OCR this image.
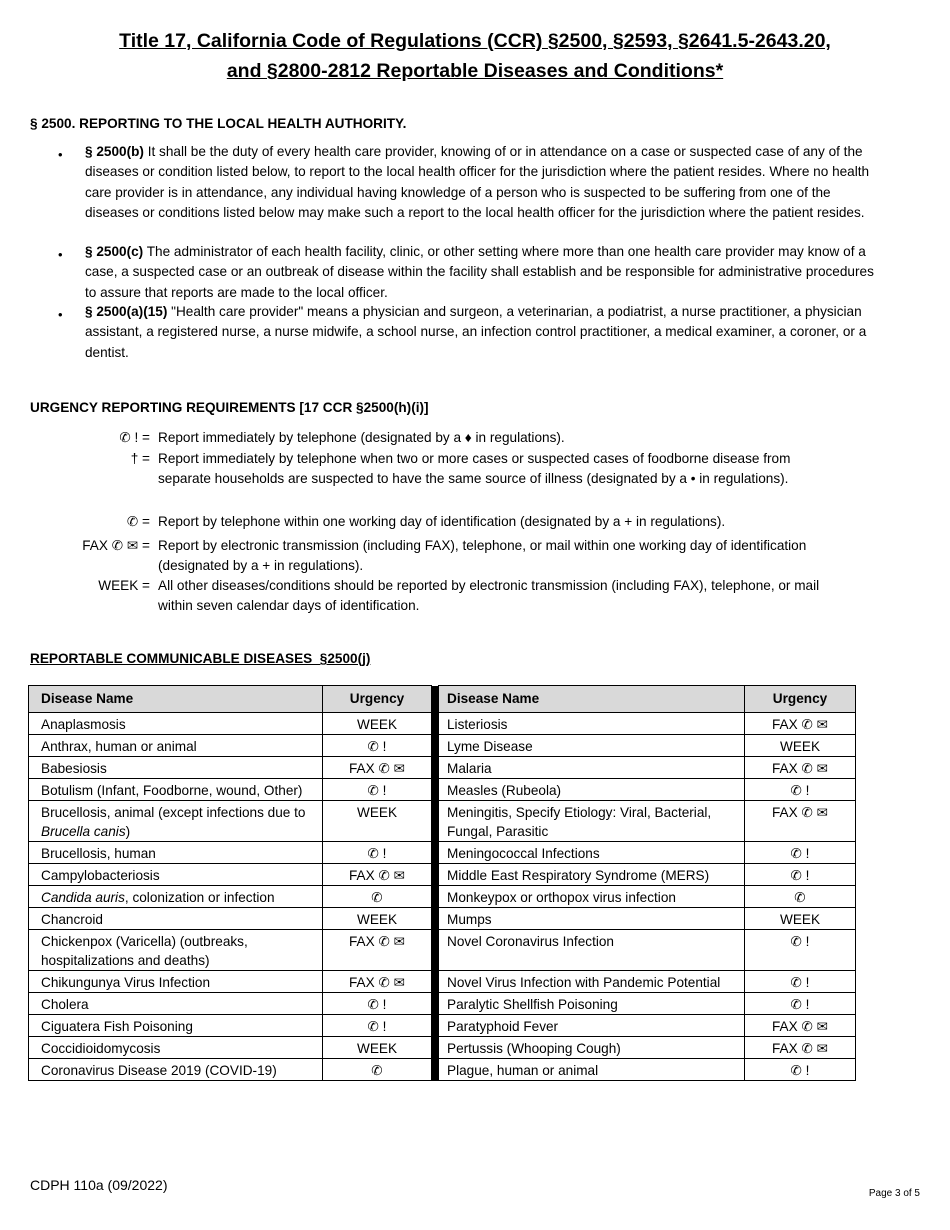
Title 17, California Code of Regulations (CCR) §2500, §2593, §2641.5-2643.20,
and §2800-2812 Reportable Diseases and Conditions*
§ 2500. REPORTING TO THE LOCAL HEALTH AUTHORITY.
• § 2500(b) It shall be the duty of every health care provider, knowing of or in attendance on a case or suspected case of any of the diseases or condition listed below, to report to the local health officer for the jurisdiction where the patient resides. Where no health care provider is in attendance, any individual having knowledge of a person who is suspected to be suffering from one of the diseases or conditions listed below may make such a report to the local health officer for the jurisdiction where the patient resides.
• § 2500(c) The administrator of each health facility, clinic, or other setting where more than one health care provider may know of a case, a suspected case or an outbreak of disease within the facility shall establish and be responsible for administrative procedures to assure that reports are made to the local officer.
• § 2500(a)(15) "Health care provider" means a physician and surgeon, a veterinarian, a podiatrist, a nurse practitioner, a physician assistant, a registered nurse, a nurse midwife, a school nurse, an infection control practitioner, a medical examiner, a coroner, or a dentist.
URGENCY REPORTING REQUIREMENTS [17 CCR §2500(h)(i)]
✆ ! = Report immediately by telephone (designated by a ♦ in regulations).
† = Report immediately by telephone when two or more cases or suspected cases of foodborne disease from separate households are suspected to have the same source of illness (designated by a • in regulations).
✆ = Report by telephone within one working day of identification (designated by a + in regulations).
FAX ✆ ✉ = Report by electronic transmission (including FAX), telephone, or mail within one working day of identification (designated by a + in regulations).
WEEK = All other diseases/conditions should be reported by electronic transmission (including FAX), telephone, or mail within seven calendar days of identification.
REPORTABLE COMMUNICABLE DISEASES  §2500(j)
Disease Name	Urgency		Disease Name	Urgency
Anaplasmosis	WEEK		Listeriosis	FAX ✆ ✉
Anthrax, human or animal	✆ !		Lyme Disease	WEEK
Babesiosis	FAX ✆ ✉		Malaria	FAX ✆ ✉
Botulism (Infant, Foodborne, wound, Other)	✆ !		Measles (Rubeola)	✆ !
Brucellosis, animal (except infections due to Brucella canis)	WEEK		Meningitis, Specify Etiology: Viral, Bacterial, Fungal, Parasitic	FAX ✆ ✉
Brucellosis, human	✆ !		Meningococcal Infections	✆ !
Campylobacteriosis	FAX ✆ ✉		Middle East Respiratory Syndrome (MERS)	✆ !
Candida auris, colonization or infection	✆		Monkeypox or orthopox virus infection	✆
Chancroid	WEEK		Mumps	WEEK
Chickenpox (Varicella) (outbreaks, hospitalizations and deaths)	FAX ✆ ✉		Novel Coronavirus Infection	✆ !
Chikungunya Virus Infection	FAX ✆ ✉		Novel Virus Infection with Pandemic Potential	✆ !
Cholera	✆ !		Paralytic Shellfish Poisoning	✆ !
Ciguatera Fish Poisoning	✆ !		Paratyphoid Fever	FAX ✆ ✉
Coccidioidomycosis	WEEK		Pertussis (Whooping Cough)	FAX ✆ ✉
Coronavirus Disease 2019 (COVID-19)	✆		Plague, human or animal	✆ !
CDPH 110a (09/2022)
Page 3 of 5
